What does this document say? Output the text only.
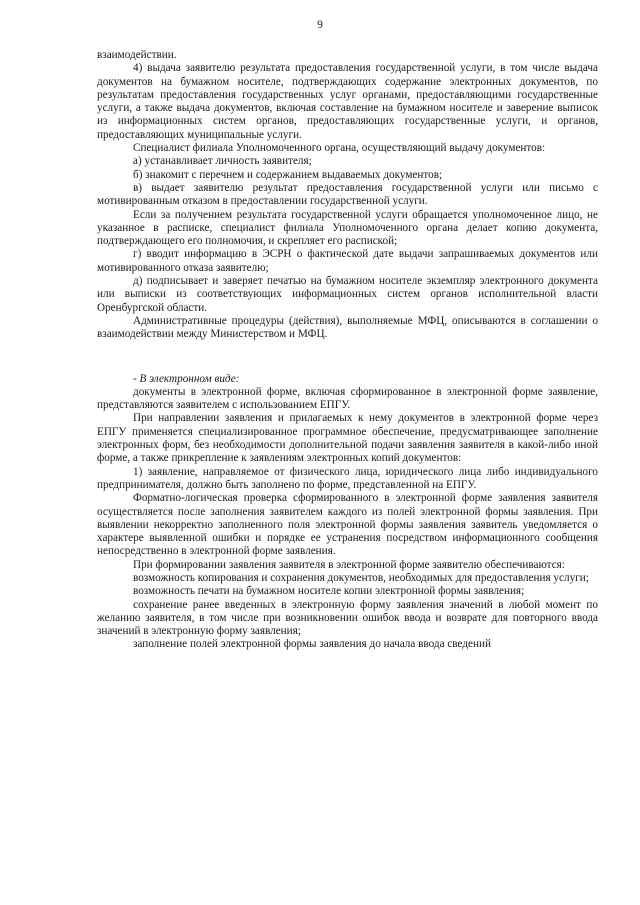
9

взаимодействии.

4) выдача заявителю результата предоставления государственной услуги, в том числе выдача документов на бумажном носителе, подтверждающих содержание электронных документов, по результатам предоставления государственных услуг органами, предоставляющими государственные услуги, а также выдача документов, включая составление на бумажном носителе и заверение выписок из информационных систем органов, предоставляющих государственные услуги, и органов, предоставляющих муниципальные услуги.

Специалист филиала Уполномоченного органа, осуществляющий выдачу документов:

а) устанавливает личность заявителя;

б) знакомит с перечнем и содержанием выдаваемых документов;

в) выдает заявителю результат предоставления государственной услуги или письмо с мотивированным отказом в предоставлении государственной услуги.

Если за получением результата государственной услуги обращается уполномоченное лицо, не указанное в расписке, специалист филиала Уполномоченного органа делает копию документа, подтверждающего его полномочия, и скрепляет его распиской;

г) вводит информацию в ЭСРН о фактической дате выдачи запрашиваемых документов или мотивированного отказа заявителю;

д) подписывает и заверяет печатью на бумажном носителе экземпляр электронного документа или выписки из соответствующих информационных систем органов исполнительной власти Оренбургской области.

Административные процедуры (действия), выполняемые МФЦ, описываются в соглашении о взаимодействии между Министерством и МФЦ.

- В электронном виде:

документы в электронной форме, включая сформированное в электронной форме заявление, представляются заявителем с использованием ЕПГУ.

При направлении заявления и прилагаемых к нему документов в электронной форме через ЕПГУ применяется специализированное программное обеспечение, предусматривающее заполнение электронных форм, без необходимости дополнительной подачи заявления заявителя в какой-либо иной форме, а также прикрепление к заявлениям электронных копий документов:

1) заявление, направляемое от физического лица, юридического лица либо индивидуального предпринимателя, должно быть заполнено по форме, представленной на ЕПГУ.

Форматно-логическая проверка сформированного в электронной форме заявления заявителя осуществляется после заполнения заявителем каждого из полей электронной формы заявления. При выявлении некорректно заполненного поля электронной формы заявления заявитель уведомляется о характере выявленной ошибки и порядке ее устранения посредством информационного сообщения непосредственно в электронной форме заявления.

При формировании заявления заявителя в электронной форме заявителю обеспечиваются:

возможность копирования и сохранения документов, необходимых для предоставления услуги;

возможность печати на бумажном носителе копии электронной формы заявления;

сохранение ранее введенных в электронную форму заявления значений в любой момент по желанию заявителя, в том числе при возникновении ошибок ввода и возврате для повторного ввода значений в электронную форму заявления;

заполнение полей электронной формы заявления до начала ввода сведений
